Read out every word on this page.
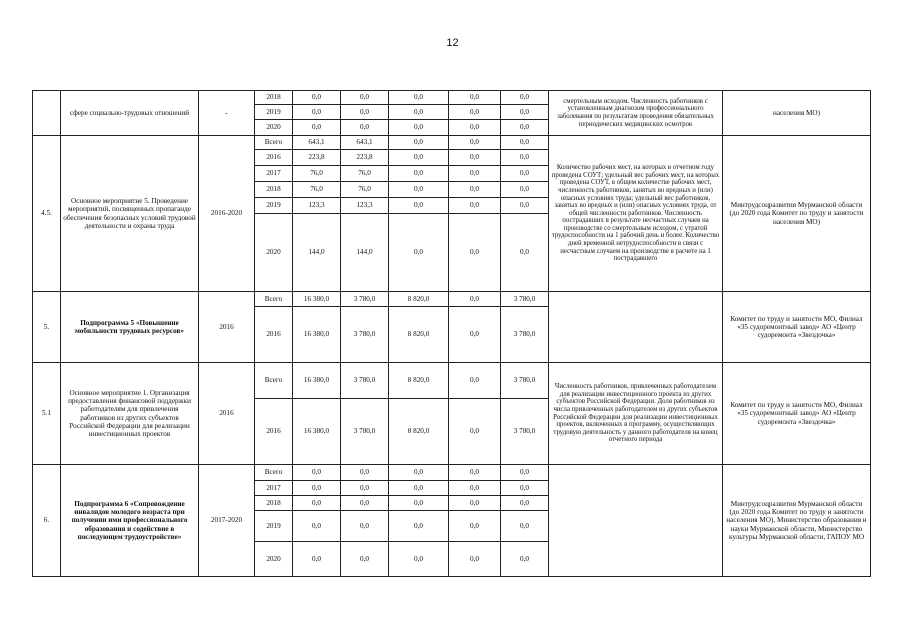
12
	сфере социально-трудовых отношений	-	2018	0,0	0,0	0,0	0,0	0,0	смертельным исходом. Численность работников с установленным диагнозом профессионального заболевания по результатам проведения обязательных периодических медицинских осмотров	населения МО)
			2019	0,0	0,0	0,0	0,0	0,0		
			2020	0,0	0,0	0,0	0,0	0,0		
4.5.	Основное мероприятие 5. Проведение мероприятий, посвященных пропаганде обеспечения безопасных условий трудовой деятельности и охраны труда	2016-2020	Всего	643,1	643,1	0,0	0,0	0,0	Количество рабочих мест, на которых в отчетном году проведена СОУТ; удельный вес рабочих мест, на которых проведена СОУТ, в общем количестве рабочих мест, численность работников, занятых во вредных и (или) опасных условиях труда; удельный вес работников, занятых во вредных и (или) опасных условиях труда, от общей численности работников. Численность пострадавших в результате несчастных случаев на производстве со смертельным исходом, с утратой трудоспособности на 1 рабочий день и более. Количество дней временной нетрудоспособности в связи с несчастным случаем на производстве в расчете на 1 пострадавшего	Минтрудсоцразвития Мурманской области (до 2020 года Комитет по труду и занятости населения МО)
			2016	223,8	223,8	0,0	0,0	0,0		
			2017	76,0	76,0	0,0	0,0	0,0		
			2018	76,0	76,0	0,0	0,0	0,0		
			2019	123,3	123,3	0,0	0,0	0,0		
			2020	144,0	144,0	0,0	0,0	0,0		
5.	Подпрограмма 5 «Повышение мобильности трудовых ресурсов»	2016	Всего	16 380,0	3 780,0	8 820,0	0,0	3 780,0		Комитет по труду и занятости МО, Филиал «35 судоремонтный завод» АО «Центр судоремонта «Звездочка»
			2016	16 380,0	3 780,0	8 820,0	0,0	3 780,0		
5.1	Основное мероприятие 1. Организация предоставления финансовой поддержки работодателям для привлечения работников из других субъектов Российской Федерации для реализации инвестиционных проектов	2016	Всего	16 380,0	3 780,0	8 820,0	0,0	3 780,0	Численность работников, привлеченных работодателем для реализации инвестиционного проекта из других субъектов Российской Федерации. Доля работников из числа привлеченных работодателем из других субъектов Российской Федерации для реализации инвестиционных проектов, включенных в программу, осуществляющих трудовую деятельность у данного работодателя на конец отчетного периода	Комитет по труду и занятости МО, Филиал «35 судоремонтный завод» АО «Центр судоремонта «Звездочка»
			2016	16 380,0	3 780,0	8 820,0	0,0	3 780,0		
6.	Подпрограмма 6 «Сопровождение инвалидов молодого возраста при получении ими профессионального образования и содействие в последующем трудоустройстве»	2017-2020	Всего	0,0	0,0	0,0	0,0	0,0		Минтрудсоцразвития Мурманской области (до 2020 года Комитет по труду и занятости населения МО), Министерство образования и науки Мурманской области, Министерство культуры Мурманской области, ГАПОУ МО
			2017	0,0	0,0	0,0	0,0	0,0		
			2018	0,0	0,0	0,0	0,0	0,0		
			2019	0,0	0,0	0,0	0,0	0,0		
			2020	0,0	0,0	0,0	0,0	0,0		
